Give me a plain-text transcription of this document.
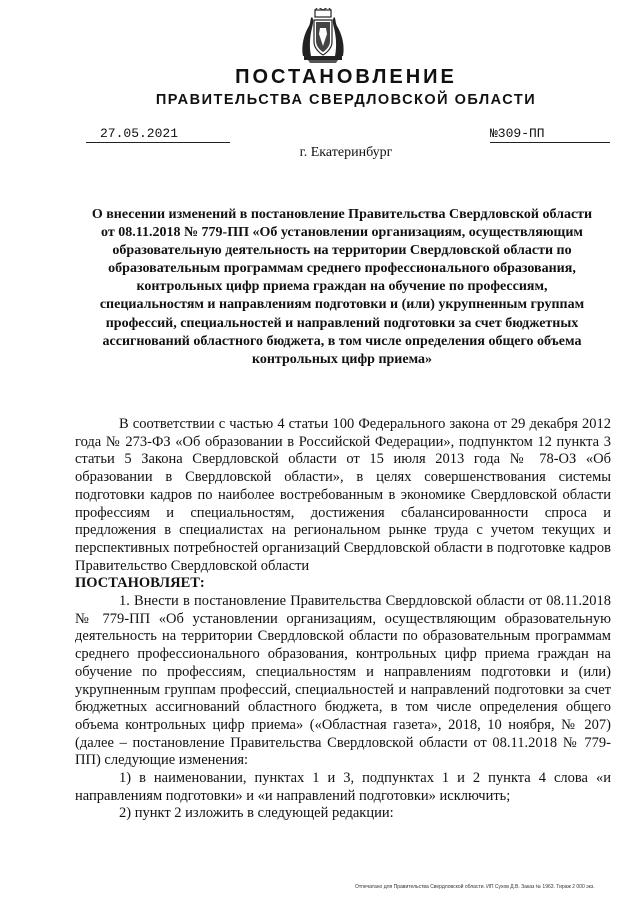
ПОСТАНОВЛЕНИЕ
ПРАВИТЕЛЬСТВА СВЕРДЛОВСКОЙ ОБЛАСТИ
27.05.2021	№309-ПП
г. Екатеринбург
О внесении изменений в постановление Правительства Свердловской области от 08.11.2018 № 779-ПП «Об установлении организациям, осуществляющим образовательную деятельность на территории Свердловской области по образовательным программам среднего профессионального образования, контрольных цифр приема граждан на обучение по профессиям, специальностям и направлениям подготовки и (или) укрупненным группам профессий, специальностей и направлений подготовки за счет бюджетных ассигнований областного бюджета, в том числе определения общего объема контрольных цифр приема»

В соответствии с частью 4 статьи 100 Федерального закона от 29 декабря 2012 года № 273-ФЗ «Об образовании в Российской Федерации», подпунктом 12 пункта 3 статьи 5 Закона Свердловской области от 15 июля 2013 года № 78-ОЗ «Об образовании в Свердловской области», в целях совершенствования системы подготовки кадров по наиболее востребованным в экономике Свердловской области профессиям и специальностям, достижения сбалансированности спроса и предложения в специалистах на региональном рынке труда с учетом текущих и перспективных потребностей организаций Свердловской области в подготовке кадров Правительство Свердловской области

ПОСТАНОВЛЯЕТ:

1. Внести в постановление Правительства Свердловской области от 08.11.2018 № 779-ПП «Об установлении организациям, осуществляющим образовательную деятельность на территории Свердловской области по образовательным программам среднего профессионального образования, контрольных цифр приема граждан на обучение по профессиям, специальностям и направлениям подготовки и (или) укрупненным группам профессий, специальностей и направлений подготовки за счет бюджетных ассигнований областного бюджета, в том числе определения общего объема контрольных цифр приема» («Областная газета», 2018, 10 ноября, № 207) (далее – постановление Правительства Свердловской области от 08.11.2018 № 779-ПП) следующие изменения:

1) в наименовании, пунктах 1 и 3, подпунктах 1 и 2 пункта 4 слова «и направлениям подготовки» и «и направлений подготовки» исключить;

2) пункт 2 изложить в следующей редакции:

Отпечатано для Правительства Свердловской области. ИП Сухов Д.В. Заказ № 1963. Тираж 2 000 экз.
